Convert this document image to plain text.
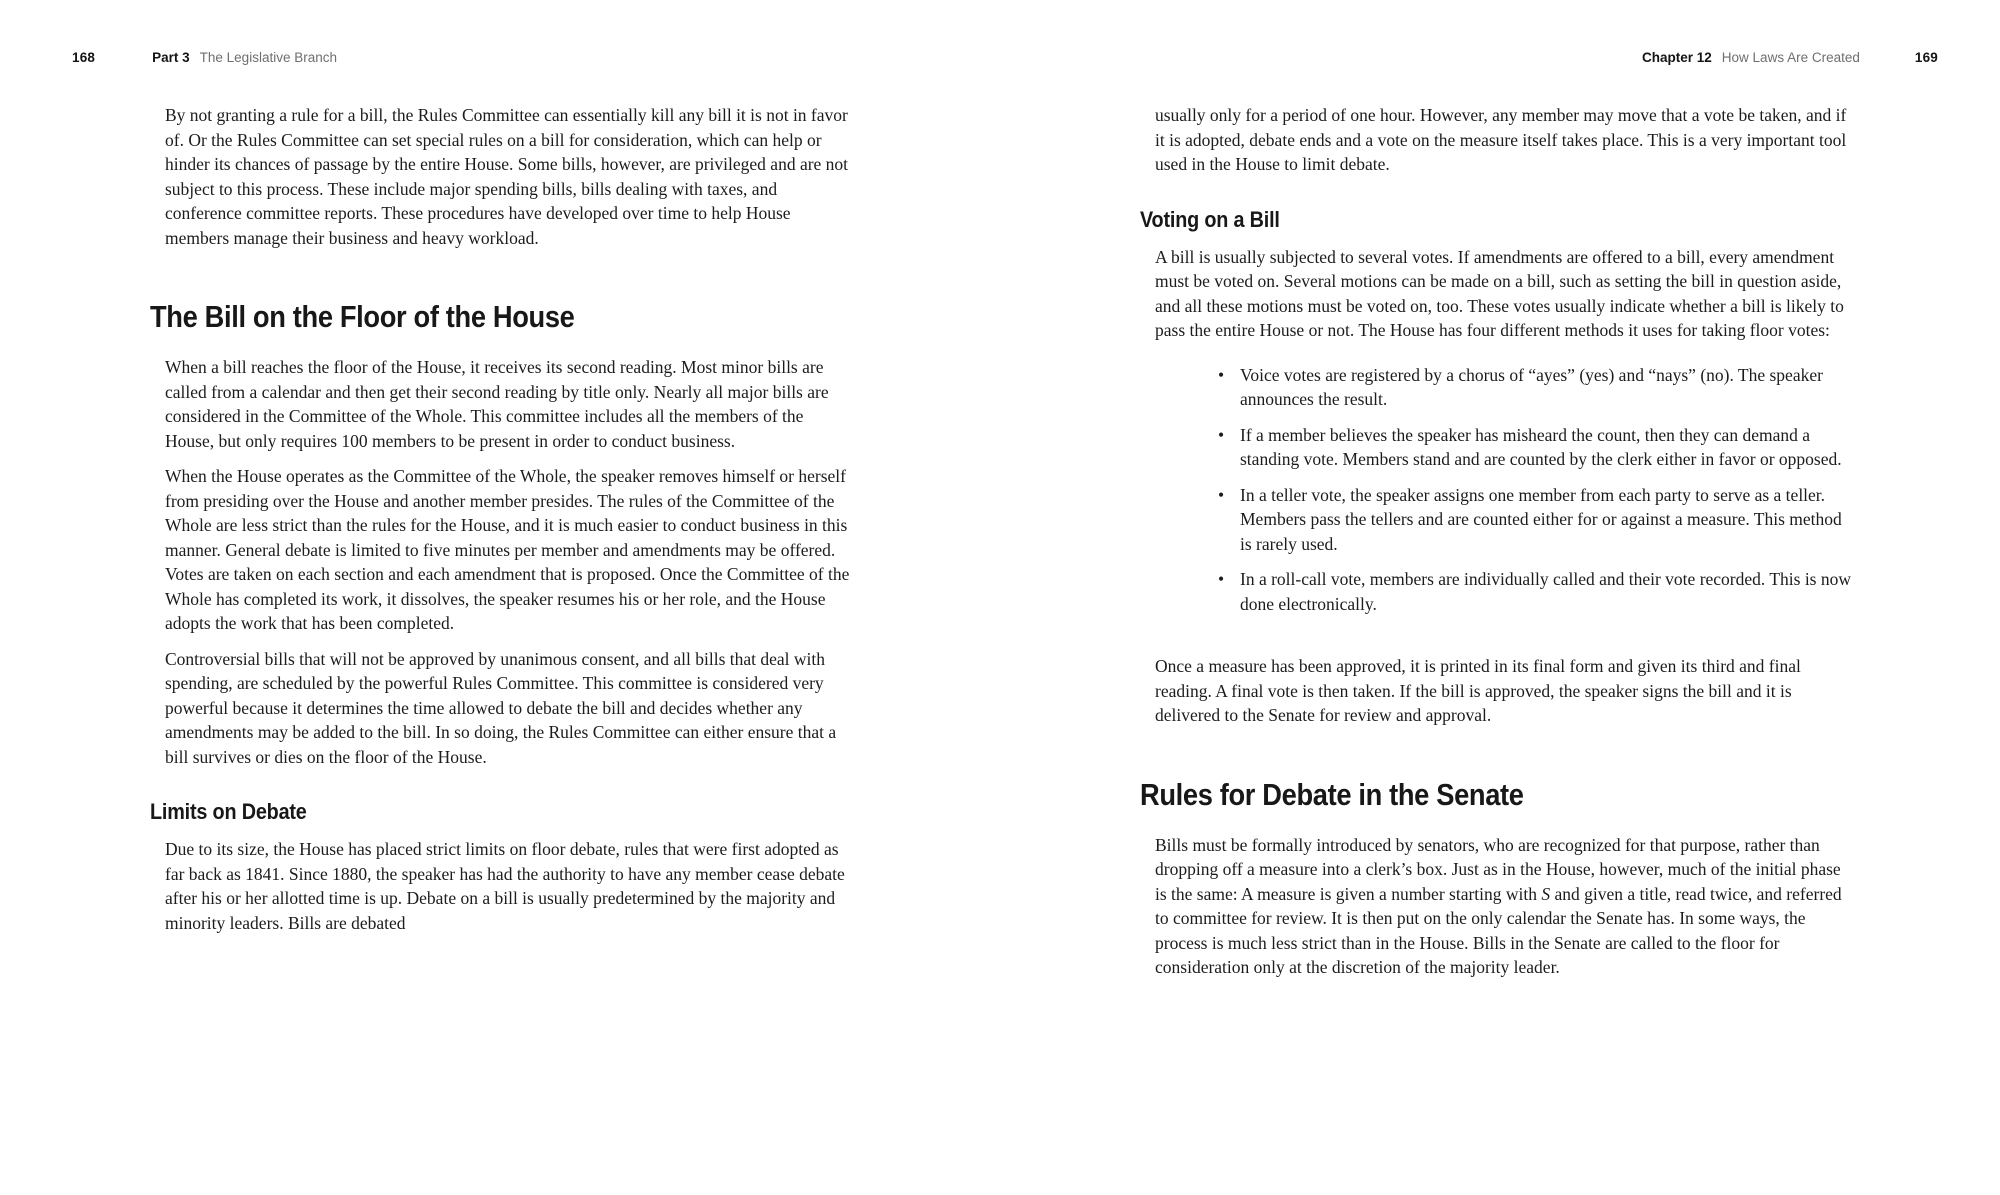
168	Part 3 The Legislative Branch	Chapter 12 How Laws Are Created	169

By not granting a rule for a bill, the Rules Committee can essentially kill any bill it is not in favor of. Or the Rules Committee can set special rules on a bill for consideration, which can help or hinder its chances of passage by the entire House. Some bills, however, are privileged and are not subject to this process. These include major spending bills, bills dealing with taxes, and conference committee reports. These procedures have developed over time to help House members manage their business and heavy workload.

The Bill on the Floor of the House

When a bill reaches the floor of the House, it receives its second reading. Most minor bills are called from a calendar and then get their second reading by title only. Nearly all major bills are considered in the Committee of the Whole. This committee includes all the members of the House, but only requires 100 members to be present in order to conduct business.

When the House operates as the Committee of the Whole, the speaker removes himself or herself from presiding over the House and another member presides. The rules of the Committee of the Whole are less strict than the rules for the House, and it is much easier to conduct business in this manner. General debate is limited to five minutes per member and amendments may be offered. Votes are taken on each section and each amendment that is proposed. Once the Committee of the Whole has completed its work, it dissolves, the speaker resumes his or her role, and the House adopts the work that has been completed.

Controversial bills that will not be approved by unanimous consent, and all bills that deal with spending, are scheduled by the powerful Rules Committee. This committee is considered very powerful because it determines the time allowed to debate the bill and decides whether any amendments may be added to the bill. In so doing, the Rules Committee can either ensure that a bill survives or dies on the floor of the House.

Limits on Debate

Due to its size, the House has placed strict limits on floor debate, rules that were first adopted as far back as 1841. Since 1880, the speaker has had the authority to have any member cease debate after his or her allotted time is up. Debate on a bill is usually predetermined by the majority and minority leaders. Bills are debated

usually only for a period of one hour. However, any member may move that a vote be taken, and if it is adopted, debate ends and a vote on the measure itself takes place. This is a very important tool used in the House to limit debate.

Voting on a Bill

A bill is usually subjected to several votes. If amendments are offered to a bill, every amendment must be voted on. Several motions can be made on a bill, such as setting the bill in question aside, and all these motions must be voted on, too. These votes usually indicate whether a bill is likely to pass the entire House or not. The House has four different methods it uses for taking floor votes:

• Voice votes are registered by a chorus of “ayes” (yes) and “nays” (no). The speaker announces the result.
• If a member believes the speaker has misheard the count, then they can demand a standing vote. Members stand and are counted by the clerk either in favor or opposed.
• In a teller vote, the speaker assigns one member from each party to serve as a teller. Members pass the tellers and are counted either for or against a measure. This method is rarely used.
• In a roll-call vote, members are individually called and their vote recorded. This is now done electronically.

Once a measure has been approved, it is printed in its final form and given its third and final reading. A final vote is then taken. If the bill is approved, the speaker signs the bill and it is delivered to the Senate for review and approval.

Rules for Debate in the Senate

Bills must be formally introduced by senators, who are recognized for that purpose, rather than dropping off a measure into a clerk’s box. Just as in the House, however, much of the initial phase is the same: A measure is given a number starting with S and given a title, read twice, and referred to committee for review. It is then put on the only calendar the Senate has. In some ways, the process is much less strict than in the House. Bills in the Senate are called to the floor for consideration only at the discretion of the majority leader.
